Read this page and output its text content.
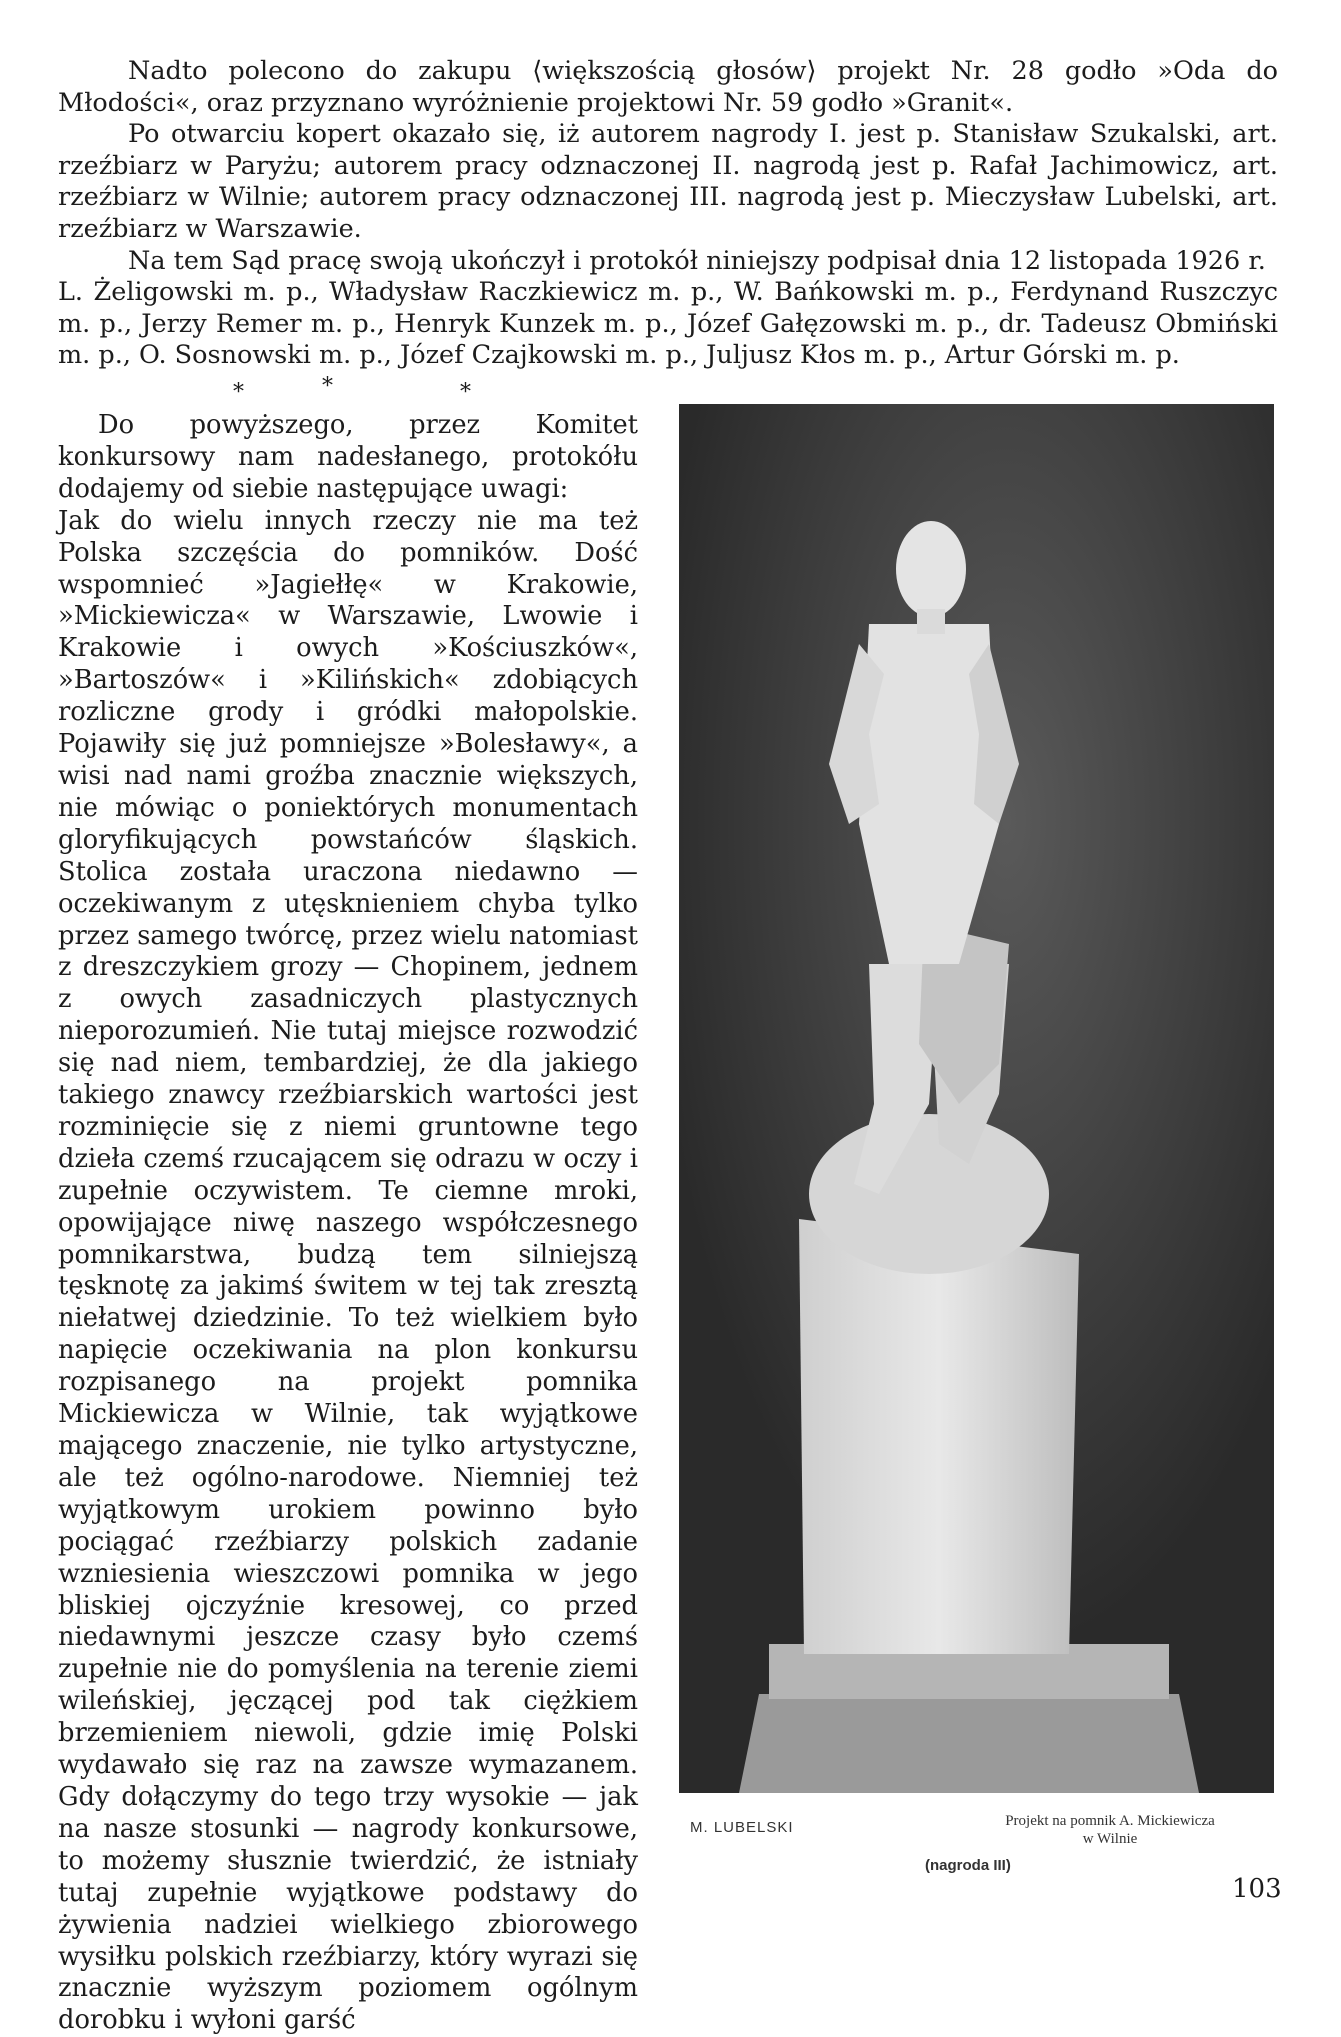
Nadto polecono do zakupu ⟨większością głosów⟩ projekt Nr. 28 godło »Oda do Młodości«, oraz przyznano wyróżnienie projektowi Nr. 59 godło »Granit«.

Po otwarciu kopert okazało się, iż autorem nagrody I. jest p. Stanisław Szukalski, art. rzeźbiarz w Paryżu; autorem pracy odznaczonej II. nagrodą jest p. Rafał Jachimowicz, art. rzeźbiarz w Wilnie; autorem pracy odznaczonej III. nagrodą jest p. Mieczysław Lubelski, art. rzeźbiarz w Warszawie.

Na tem Sąd pracę swoją ukończył i protokół niniejszy podpisał dnia 12 listopada 1926 r.

L. Żeligowski m. p., Władysław Raczkiewicz m. p., W. Bańkowski m. p., Ferdynand Ruszczyc m. p., Jerzy Remer m. p., Henryk Kunzek m. p., Józef Gałęzowski m. p., dr. Tadeusz Obmiński m. p., O. Sosnowski m. p., Józef Czajkowski m. p., Juljusz Kłos m. p., Artur Górski m. p.

*	*	*

Do powyższego, przez Komitet konkursowy nam nadesłanego, protokółu dodajemy od siebie następujące uwagi:

Jak do wielu innych rzeczy nie ma też Polska szczęścia do pomników. Dość wspomnieć »Jagiełłę« w Krakowie, »Mickiewicza« w Warszawie, Lwowie i Krakowie i owych »Kościuszków«, »Bartoszów« i »Kilińskich« zdobiących rozliczne grody i gródki małopolskie. Pojawiły się już pomniejsze »Bolesławy«, a wisi nad nami groźba znacznie większych, nie mówiąc o poniektórych monumentach gloryfikujących powstańców śląskich. Stolica została uraczona niedawno — oczekiwanym z utęsknieniem chyba tylko przez samego twórcę, przez wielu natomiast z dreszczykiem grozy — Chopinem, jednem z owych zasadniczych plastycznych nieporozumień. Nie tutaj miejsce rozwodzić się nad niem, tembardziej, że dla jakiego takiego znawcy rzeźbiarskich wartości jest rozminięcie się z niemi gruntowne tego dzieła czemś rzucającem się odrazu w oczy i zupełnie oczywistem. Te ciemne mroki, opowijające niwę naszego współczesnego pomnikarstwa, budzą tem silniejszą tęsknotę za jakimś świtem w tej tak zresztą niełatwej dziedzinie. To też wielkiem było napięcie oczekiwania na plon konkursu rozpisanego na projekt pomnika Mickiewicza w Wilnie, tak wyjątkowe mającego znaczenie, nie tylko artystyczne, ale też ogólno-narodowe. Niemniej też wyjątkowym urokiem powinno było pociągać rzeźbiarzy polskich zadanie wzniesienia wieszczowi pomnika w jego bliskiej ojczyźnie kresowej, co przed niedawnymi jeszcze czasy było czemś zupełnie nie do pomyślenia na terenie ziemi wileńskiej, jęczącej pod tak ciężkiem brzemieniem niewoli, gdzie imię Polski wydawało się raz na zawsze wymazanem. Gdy dołączymy do tego trzy wysokie — jak na nasze stosunki — nagrody konkursowe, to możemy słusznie twierdzić, że istniały tutaj zupełnie wyjątkowe podstawy do żywienia nadziei wielkiego zbiorowego wysiłku polskich rzeźbiarzy, który wyrazi się znacznie wyższym poziomem ogólnym dorobku i wyłoni garść

M. LUBELSKI	Projekt na pomnik A. Mickiewicza
w Wilnie
(nagroda III)
103
